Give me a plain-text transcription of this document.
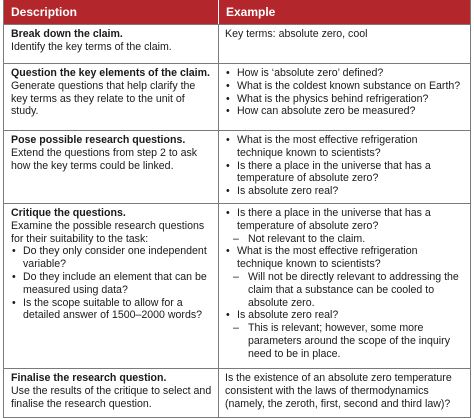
Description	Example
Break down the claim.
Identify the key terms of the claim.
Key terms: absolute zero, cool
Question the key elements of the claim.
Generate questions that help clarify the key terms as they relate to the unit of study.
• How is ‘absolute zero’ defined?
• What is the coldest known substance on Earth?
• What is the physics behind refrigeration?
• How can absolute zero be measured?
Pose possible research questions.
Extend the questions from step 2 to ask how the key terms could be linked.
• What is the most effective refrigeration technique known to scientists?
• Is there a place in the universe that has a temperature of absolute zero?
• Is absolute zero real?
Critique the questions.
Examine the possible research questions for their suitability to the task:
• Do they only consider one independent variable?
• Do they include an element that can be measured using data?
• Is the scope suitable to allow for a detailed answer of 1500–2000 words?
• Is there a place in the universe that has a temperature of absolute zero?
– Not relevant to the claim.
• What is the most effective refrigeration technique known to scientists?
– Will not be directly relevant to addressing the claim that a substance can be cooled to absolute zero.
• Is absolute zero real?
– This is relevant; however, some more parameters around the scope of the inquiry need to be in place.
Finalise the research question.
Use the results of the critique to select and finalise the research question.
Is the existence of an absolute zero temperature consistent with the laws of thermodynamics (namely, the zeroth, first, second and third law)?
